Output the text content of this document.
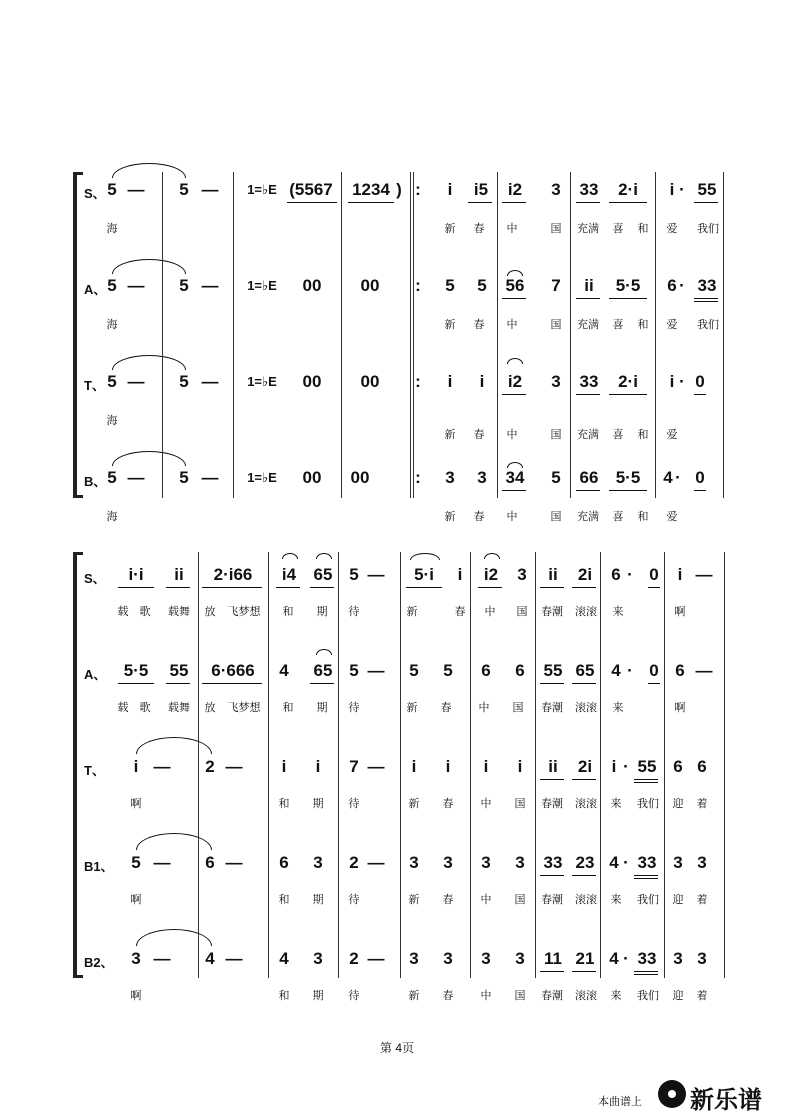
S、 5 —	5 —	1=♭E (5567	1234 ) :	i	i5	i2	3	33	2·i	i · 55
海	新	春	中	国	充满	喜	和	爱	我们
A、 5 —	5 —	1=♭E	00 00 :	5	5	56	7	ii	5·5	6 · 33
海	新	春	中	国	充满	喜	和	爱	我们
T、 5 —	5 —	1=♭E	00 00 :	i	i	i2	3	33	2·i	i · 0
海
新	春	中	国	充满	喜	和	爱
B、 5 —	5 —	1=♭E	00 00	:	3	3	34	5	66	5·5	4 · 0
海	新	春	中	国	充满	喜	和	爱
S、	i·i	ii	2·i66	i4	65 5 —	5·i	i	i2	3	ii	2i	6 · 0	i —
载	歌	载舞	放	飞梦想	和	期	待	新	春	中	国	春潮	滚滚	来	啊
A、	5·5	55	6·666	4	65 5 —	5	5	6	6	55 65 4 · 0 6 —
载	歌	载舞	放	飞梦想	和	期	待	新	春	中	国	春潮	滚滚	来	啊
T、	i —	2 —	i	i	7 —	i	i	i	i	ii	2i	i · 55 6 6
啊	和	期	待	新	春	中	国	春潮	滚滚	来	我们	迎	着
B1、	5 —	6 —	6	3	2 —	3	3	3	3	33 23 4 · 33 3 3
啊	和	期	待	新	春	中	国	春潮	滚滚	来	我们	迎	着
B2、	3 —	4 —	4	3	2 —	3	3	3	3	11 21 4 · 33 3 3
啊	和	期	待	新	春	中	国	春潮	滚滚	来	我们	迎	着
第 4页
本曲谱上 新乐谱
